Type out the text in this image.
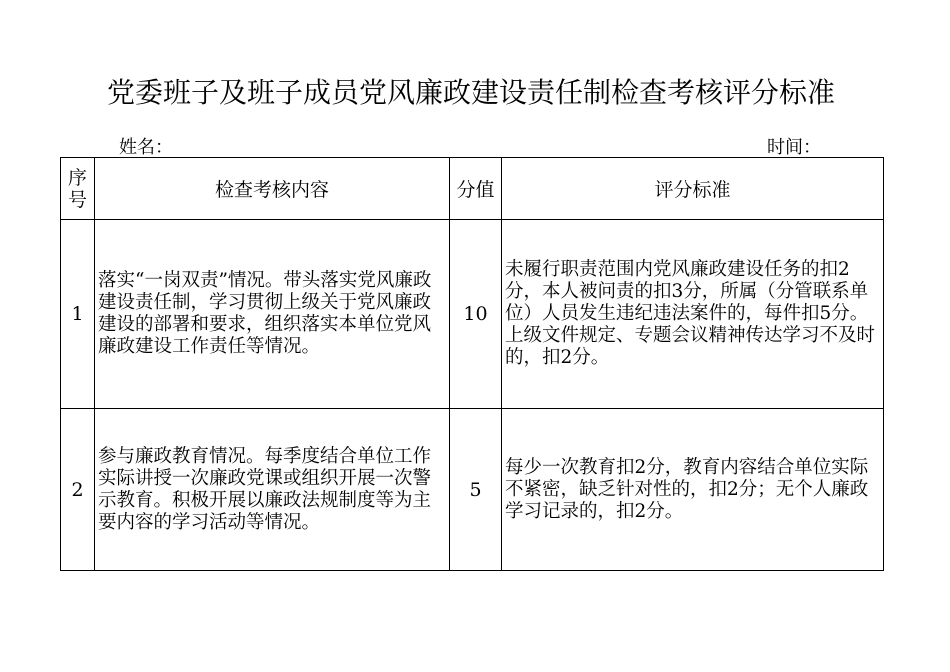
党委班子及班子成员党风廉政建设责任制检查考核评分标准
姓名：	时间：
序号	检查考核内容	分值	评分标准
1	落实“一岗双责”情况。带头落实党风廉政建设责任制，学习贯彻上级关于党风廉政建设的部署和要求，组织落实本单位党风廉政建设工作责任等情况。	10	未履行职责范围内党风廉政建设任务的扣2分，本人被问责的扣3分，所属（分管联系单位）人员发生违纪违法案件的，每件扣5分。上级文件规定、专题会议精神传达学习不及时的，扣2分。
2	参与廉政教育情况。每季度结合单位工作实际讲授一次廉政党课或组织开展一次警示教育。积极开展以廉政法规制度等为主要内容的学习活动等情况。	5	每少一次教育扣2分，教育内容结合单位实际不紧密，缺乏针对性的，扣2分；无个人廉政学习记录的，扣2分。
